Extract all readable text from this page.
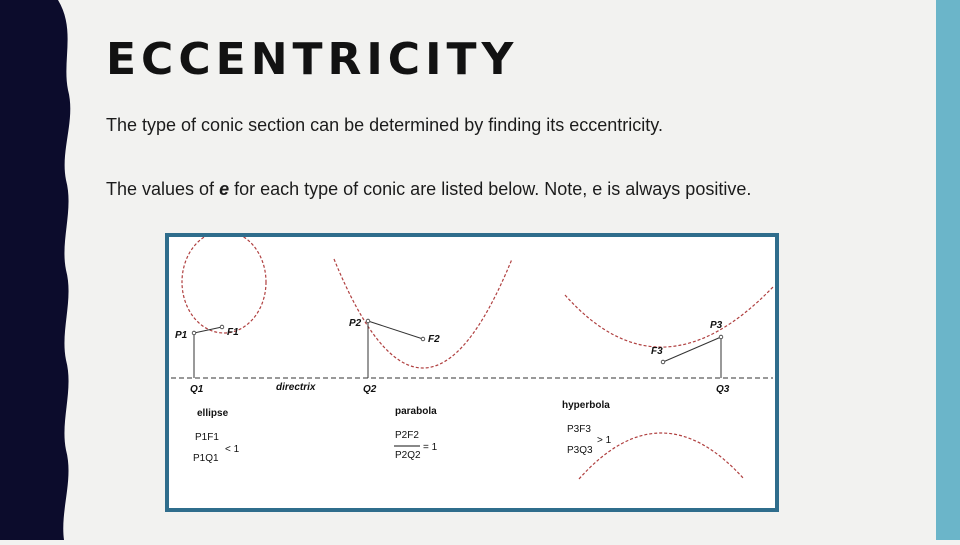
ECCENTRICITY

The type of conic section can be determined by finding its eccentricity.

The values of e for each type of conic are listed below. Note, e is always positive.

P1	F1
Q1
ellipse
P1F1
P1Q1
< 1
directrix
P2
F2
Q2
parabola
P2F2
P2Q2
= 1
P3
F3
Q3
hyperbola
P3F3
P3Q3
> 1
